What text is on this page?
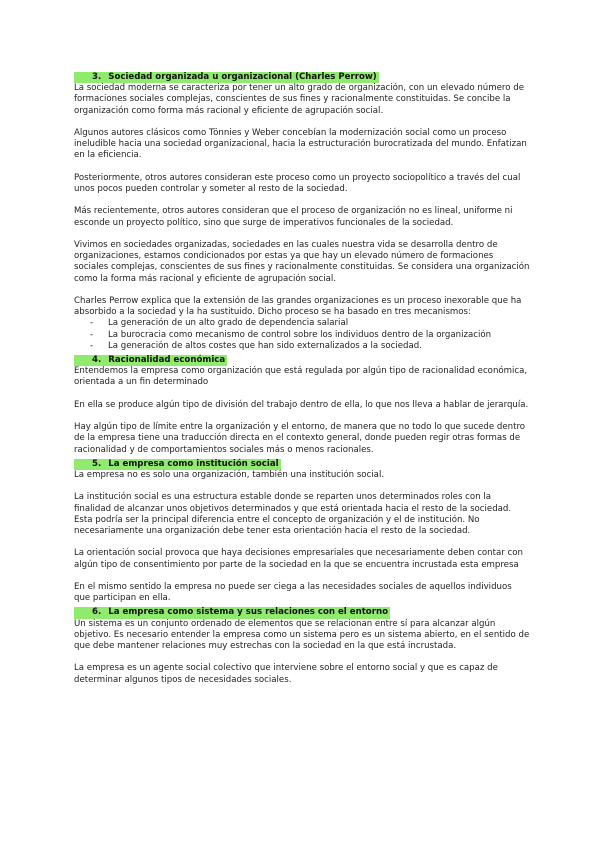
3. Sociedad organizada u organizacional (Charles Perrow)

La sociedad moderna se caracteriza por tener un alto grado de organización, con un elevado número de formaciones sociales complejas, conscientes de sus fines y racionalmente constituidas. Se concibe la organización como forma más racional y eficiente de agrupación social.

Algunos autores clásicos como Tönnies y Weber concebían la modernización social como un proceso ineludible hacia una sociedad organizacional, hacia la estructuración burocratizada del mundo. Enfatizan en la eficiencia.

Posteriormente, otros autores consideran este proceso como un proyecto sociopolítico a través del cual unos pocos pueden controlar y someter al resto de la sociedad.

Más recientemente, otros autores consideran que el proceso de organización no es lineal, uniforme ni esconde un proyecto político, sino que surge de imperativos funcionales de la sociedad.

Vivimos en sociedades organizadas, sociedades en las cuales nuestra vida se desarrolla dentro de organizaciones, estamos condicionados por estas ya que hay un elevado número de formaciones sociales complejas, conscientes de sus fines y racionalmente constituidas. Se considera una organización como la forma más racional y eficiente de agrupación social.

Charles Perrow explica que la extensión de las grandes organizaciones es un proceso inexorable que ha absorbido a la sociedad y la ha sustituido. Dicho proceso se ha basado en tres mecanismos:

- La generación de un alto grado de dependencia salarial
- La burocracia como mecanismo de control sobre los individuos dentro de la organización
- La generación de altos costes que han sido externalizados a la sociedad.
4. Racionalidad económica

Entendemos la empresa como organización que está regulada por algún tipo de racionalidad económica, orientada a un fin determinado

En ella se produce algún tipo de división del trabajo dentro de ella, lo que nos lleva a hablar de jerarquía.

Hay algún tipo de límite entre la organización y el entorno, de manera que no todo lo que sucede dentro de la empresa tiene una traducción directa en el contexto general, donde pueden regir otras formas de racionalidad y de comportamientos sociales más o menos racionales.

5. La empresa como institución social

La empresa no es solo una organización, también una institución social.

La institución social es una estructura estable donde se reparten unos determinados roles con la finalidad de alcanzar unos objetivos determinados y que está orientada hacia el resto de la sociedad. Esta podría ser la principal diferencia entre el concepto de organización y el de institución. No necesariamente una organización debe tener esta orientación hacia el resto de la sociedad.

La orientación social provoca que haya decisiones empresariales que necesariamente deben contar con algún tipo de consentimiento por parte de la sociedad en la que se encuentra incrustada esta empresa

En el mismo sentido la empresa no puede ser ciega a las necesidades sociales de aquellos individuos que participan en ella.

6. La empresa como sistema y sus relaciones con el entorno

Un sistema es un conjunto ordenado de elementos que se relacionan entre sí para alcanzar algún objetivo. Es necesario entender la empresa como un sistema pero es un sistema abierto, en el sentido de que debe mantener relaciones muy estrechas con la sociedad en la que está incrustada.

La empresa es un agente social colectivo que interviene sobre el entorno social y que es capaz de determinar algunos tipos de necesidades sociales.
